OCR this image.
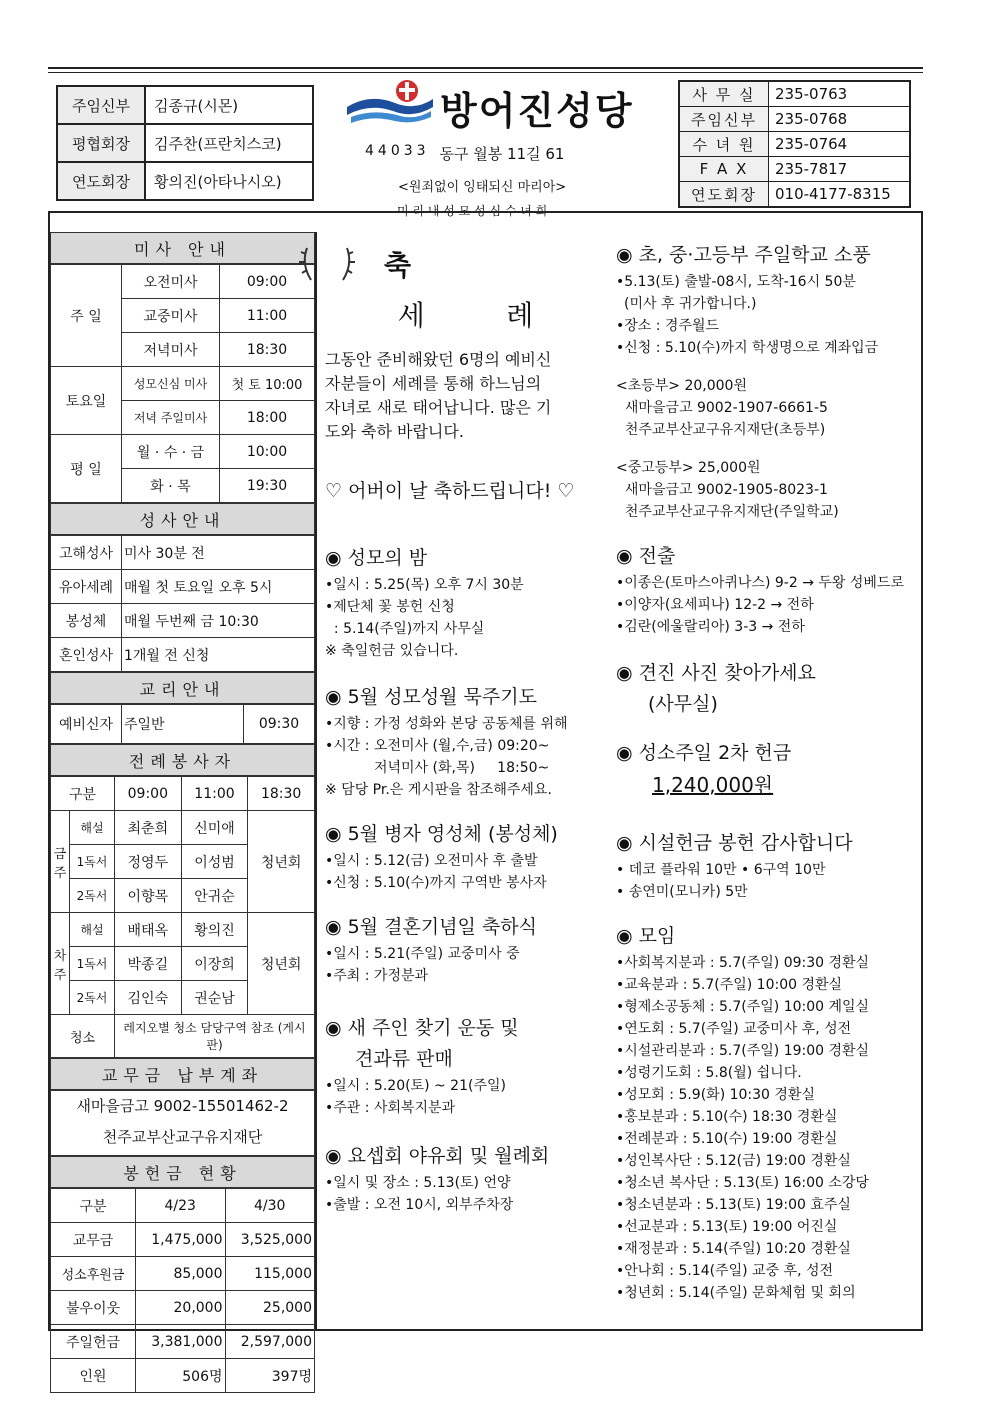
주임신부	김종규(시몬)
평협회장	김주찬(프란치스코)
연도회장	황의진(아타나시오)
방어진성당
44033 동구 월봉 11길 61
<원죄없이 잉태되신 마리아>
미 리 내 성 모 성 심 수 녀 회
사 무 실	235-0763
주임신부	235-0768
수 녀 원	235-0764
F A X	235-7817
연도회장	010-4177-8315
미사 안내
주 일	오전미사	09:00
	교중미사	11:00
	저녁미사	18:30
토요일	성모신심 미사	첫 토 10:00
	저녁 주일미사	18:00
평 일	월 · 수 · 금	10:00
	화 · 목	19:30
성사안내
고해성사	미사 30분 전
유아세례	매월 첫 토요일 오후 5시
봉성체	매월 두번째 금 10:30
혼인성사	1개월 전 신청
교리안내
예비신자	주일반	09:30
전례봉사자
구분		09:00	11:00	18:30
금주	해설	최춘희	신미애	청년회
	1독서	정영두	이성범	
	2독서	이향목	안귀순	
차주	해설	배태옥	황의진	청년회
	1독서	박종길	이장희	
	2독서	김인숙	권순남	
청소		레지오별 청소 담당구역 참조 (게시판)		
교무금 납부계좌
새마을금고 9002-15501462-2
천주교부산교구유지재단
봉헌금 현황
구분	4/23	4/30
교무금	1,475,000	3,525,000
성소후원금	85,000	115,000
불우이웃	20,000	25,000
주일헌금	3,381,000	2,597,000
인원	506명	397명
축
세      례
그동안 준비해왔던 6명의 예비신
자분들이 세례를 통해 하느님의
자녀로 새로 태어납니다. 많은 기
도와 축하 바랍니다.
♡ 어버이 날 축하드립니다! ♡
◉ 성모의 밤
•일시 : 5.25(목) 오후 7시 30분
•제단체 꽃 봉헌 신청
: 5.14(주일)까지 사무실
※ 축일헌금 있습니다.
◉ 5월 성모성월 묵주기도
•지향 : 가정 성화와 본당 공동체를 위해
•시간 : 오전미사 (월,수,금) 09:20~
저녁미사 (화,목)     18:50~
※ 담당 Pr.은 게시판을 참조해주세요.
◉ 5월 병자 영성체 (봉성체)
•일시 : 5.12(금) 오전미사 후 출발
•신청 : 5.10(수)까지 구역반 봉사자
◉ 5월 결혼기념일 축하식
•일시 : 5.21(주일) 교중미사 중
•주최 : 가정분과
◉ 새 주인 찾기 운동 및
견과류 판매
•일시 : 5.20(토) ~ 21(주일)
•주관 : 사회복지분과
◉ 요셉회 야유회 및 월례회
•일시 및 장소 : 5.13(토) 언양
•출발 : 오전 10시, 외부주차장
◉ 초, 중·고등부 주일학교 소풍
•5.13(토) 출발-08시, 도착-16시 50분
(미사 후 귀가합니다.)
•장소 : 경주월드
•신청 : 5.10(수)까지 학생명으로 계좌입금
<초등부> 20,000원
새마을금고 9002-1907-6661-5
천주교부산교구유지재단(초등부)
<중고등부> 25,000원
새마을금고 9002-1905-8023-1
천주교부산교구유지재단(주일학교)
◉ 전출
•이종은(토마스아퀴나스) 9-2 → 두왕 성베드로
•이양자(요세피나) 12-2 → 전하
•김란(에울랄리아) 3-3 → 전하
◉ 견진 사진 찾아가세요
(사무실)
◉ 성소주일 2차 헌금
1,240,000원
◉ 시설헌금 봉헌 감사합니다
• 데코 플라워 10만 • 6구역 10만
• 송연미(모니카) 5만
◉ 모임
•사회복지분과 : 5.7(주일) 09:30 경환실
•교육분과 : 5.7(주일) 10:00 경환실
•형제소공동체 : 5.7(주일) 10:00 계일실
•연도회 : 5.7(주일) 교중미사 후, 성전
•시설관리분과 : 5.7(주일) 19:00 경환실
•성령기도회 : 5.8(월) 쉽니다.
•성모회 : 5.9(화) 10:30 경환실
•홍보분과 : 5.10(수) 18:30 경환실
•전례분과 : 5.10(수) 19:00 경환실
•성인복사단 : 5.12(금) 19:00 경환실
•청소년 복사단 : 5.13(토) 16:00 소강당
•청소년분과 : 5.13(토) 19:00 효주실
•선교분과 : 5.13(토) 19:00 어진실
•재정분과 : 5.14(주일) 10:20 경환실
•안나회 : 5.14(주일) 교중 후, 성전
•청년회 : 5.14(주일) 문화체험 및 회의
